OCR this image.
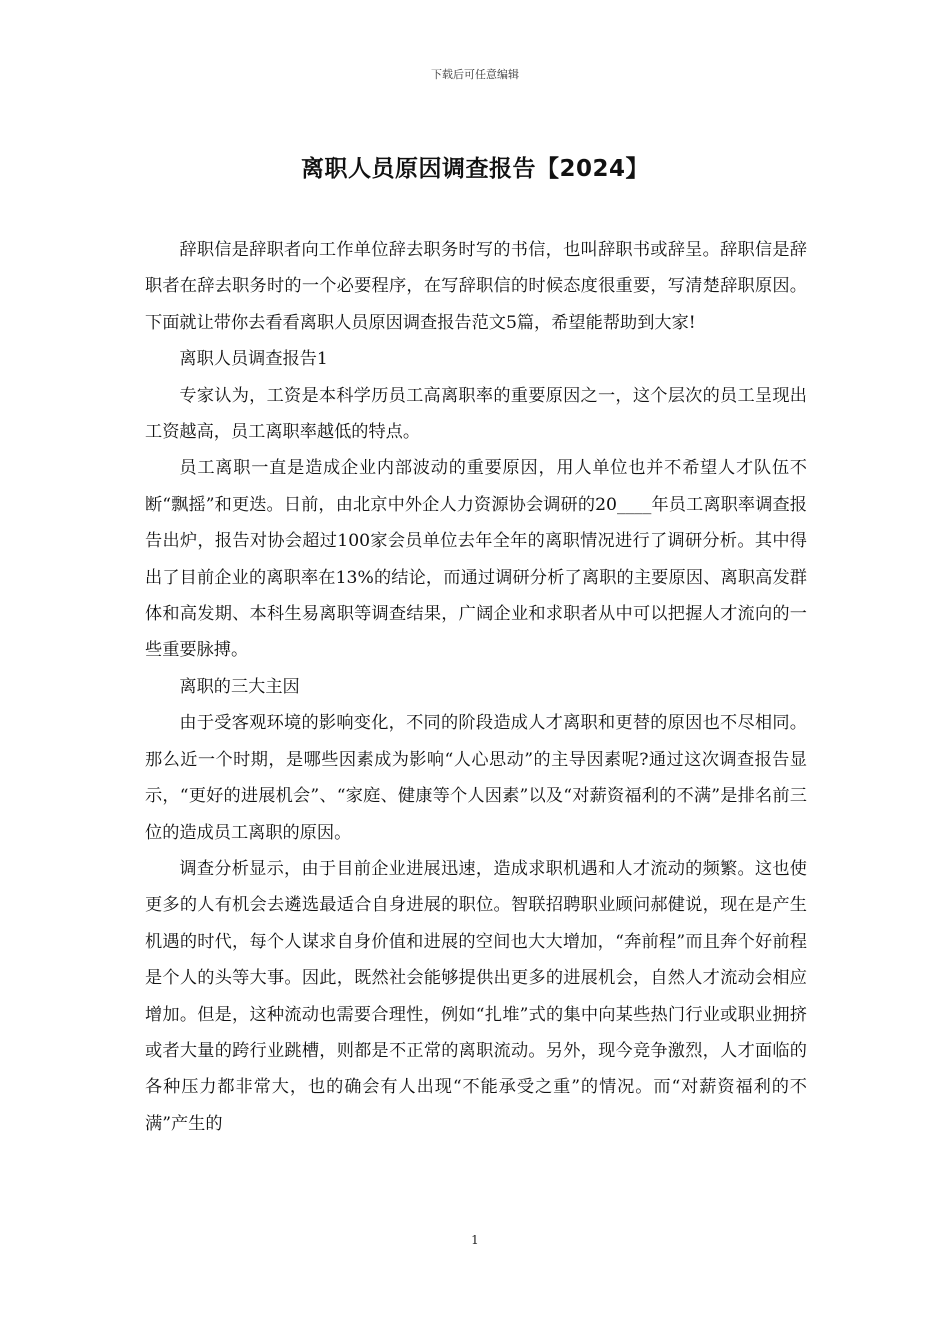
下载后可任意编辑
离职人员原因调查报告【2024】

辞职信是辞职者向工作单位辞去职务时写的书信，也叫辞职书或辞呈。辞职信是辞职者在辞去职务时的一个必要程序，在写辞职信的时候态度很重要，写清楚辞职原因。下面就让带你去看看离职人员原因调查报告范文5篇，希望能帮助到大家!

离职人员调查报告1

专家认为，工资是本科学历员工高离职率的重要原因之一，这个层次的员工呈现出工资越高，员工离职率越低的特点。

员工离职一直是造成企业内部波动的重要原因，用人单位也并不希望人才队伍不断“飘摇”和更迭。日前，由北京中外企人力资源协会调研的20____年员工离职率调查报告出炉，报告对协会超过100家会员单位去年全年的离职情况进行了调研分析。其中得出了目前企业的离职率在13%的结论，而通过调研分析了离职的主要原因、离职高发群体和高发期、本科生易离职等调查结果，广阔企业和求职者从中可以把握人才流向的一些重要脉搏。

离职的三大主因

由于受客观环境的影响变化，不同的阶段造成人才离职和更替的原因也不尽相同。那么近一个时期，是哪些因素成为影响“人心思动”的主导因素呢?通过这次调查报告显示，“更好的进展机会”、“家庭、健康等个人因素”以及“对薪资福利的不满”是排名前三位的造成员工离职的原因。

调查分析显示，由于目前企业进展迅速，造成求职机遇和人才流动的频繁。这也使更多的人有机会去遴选最适合自身进展的职位。智联招聘职业顾问郝健说，现在是产生机遇的时代，每个人谋求自身价值和进展的空间也大大增加，“奔前程”而且奔个好前程是个人的头等大事。因此，既然社会能够提供出更多的进展机会，自然人才流动会相应增加。但是，这种流动也需要合理性，例如“扎堆”式的集中向某些热门行业或职业拥挤或者大量的跨行业跳槽，则都是不正常的离职流动。另外，现今竞争激烈，人才面临的各种压力都非常大，也的确会有人出现“不能承受之重”的情况。而“对薪资福利的不满”产生的

1
